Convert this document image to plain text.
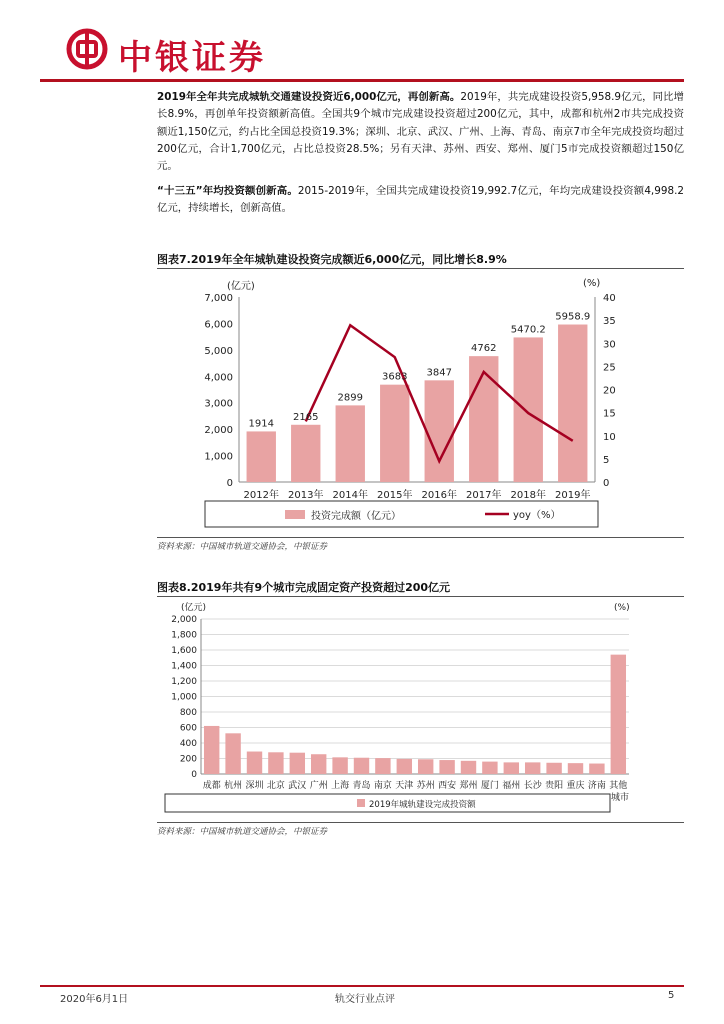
中银证券
2019年全年共完成城轨交通建设投资近6,000亿元，再创新高。2019年，共完成建设投资5,958.9亿元，同比增长8.9%，再创单年投资额新高值。全国共9个城市完成建设投资超过200亿元，其中，成都和杭州2市共完成投资额近1,150亿元，约占比全国总投资19.3%；深圳、北京、武汉、广州、上海、青岛、南京7市全年完成投资均超过200亿元，合计1,700亿元，占比总投资28.5%；另有天津、苏州、西安、郑州、厦门5市完成投资额超过150亿元。
“十三五”年均投资额创新高。2015-2019年，全国共完成建设投资19,992.7亿元，年均完成建设投资额4,998.2亿元，持续增长，创新高值。
图表7.2019年全年城轨建设投资完成额近6,000亿元，同比增长8.9%
(亿元)	(%)
0
1,000
2,000
3,000
4,000
5,000
6,000
7,000
0
5
10
15
20
25
30
35
40
2012年 2013年 2014年 2015年 2016年 2017年 2018年 2019年
1914
2165
2899
3683 3847
4762
5470.2
5958.9
投资完成额（亿元）	yoy（%）
资料来源：中国城市轨道交通协会，中银证券
图表8.2019年共有9个城市完成固定资产投资超过200亿元
(亿元)	(%)
0
200
400
600
800
1,000
1,200
1,400
1,600
1,800
2,000
成都 杭州 深圳 北京 武汉 广州 上海 青岛 南京 天津 苏州 西安 郑州 厦门 福州 长沙 贵阳 重庆 济南 其他
城市
2019年城轨建设完成投资额
资料来源：中国城市轨道交通协会，中银证券
2020年6月1日	轨交行业点评	5
